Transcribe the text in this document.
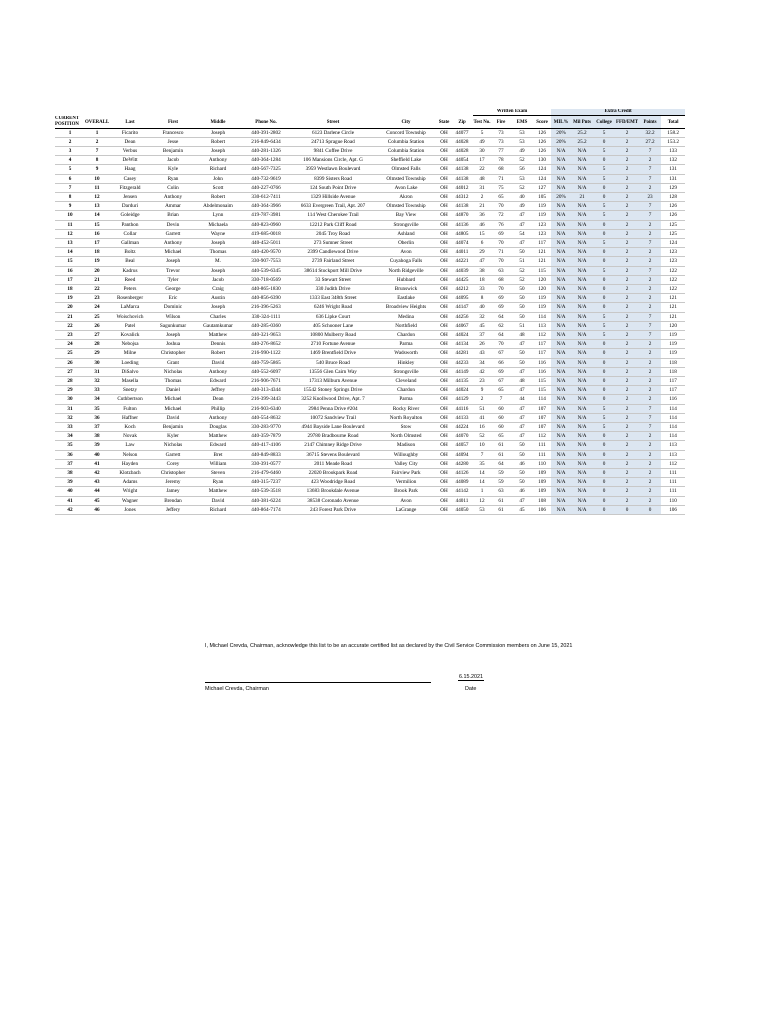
										Written Exam				Extra Credit					
CURRENT POSITION	OVERALL	Last	First	Middle	Phone No.	Street	City	State	Zip	Test No.	Fire	EMS	Score	MIL%	Mil Pnts	College	FFD/EMT	Points	Total
1	1	Ficarito	Francesco	Joseph	440-391-2802	6123 Darlene Circle	Concord Township	OH	44077	5	73	53	126	20%	25.2	5	2	32.2	158.2
2	2	Dean	Jesse	Robert	216-849-6434	24713 Sprague Road	Columbia Station	OH	44028	49	73	53	126	20%	25.2	0	2	27.2	153.2
3	7	Verbus	Benjamin	Joseph	440-281-1326	9841 Coffee Drive	Columbia Station	OH	44028	30	77	49	126	N/A	N/A	5	2	7	133
4	8	DeWitt	Jacob	Anthony	440-364-1284	106 Mansions Circle, Apt. G	Sheffield Lake	OH	44054	17	78	52	130	N/A	N/A	0	2	2	132
5	9	Haag	Kyle	Richard	440-567-7325	3959 Westlawn Boulevard	Olmsted Falls	OH	44138	22	68	56	124	N/A	N/A	5	2	7	131
6	10	Casey	Ryan	John	440-732-9619	8399 Sisters Road	Olmsted Township	OH	44138	48	71	53	124	N/A	N/A	5	2	7	131
7	11	Fitzgerald	Colin	Scott	440-227-0766	124 South Point Drive	Avon Lake	OH	44012	31	75	52	127	N/A	N/A	0	2	2	129
8	12	Jensen	Anthony	Robert	330-612-7411	1329 Hillside Avenue	Akron	OH	44312	2	65	40	105	20%	21	0	2	23	128
9	13	Darduri	Ammar	Abdelmonaim	440-364-3966	6633 Evergreen Trail, Apt. 207	Olmsted Township	OH	44138	21	70	49	119	N/A	N/A	5	2	7	126
10	14	Goleidge	Brian	Lynn	419-787-3981	114 West Cherokee Trail	Bay View	OH	44870	36	72	47	119	N/A	N/A	5	2	7	126
11	15	Panthon	Devin	Michaela	440-823-0960	12212 Park Cliff Road	Strongsville	OH	44136	46	76	47	123	N/A	N/A	0	2	2	125
12	16	Collar	Garrett	Wayne	419-685-0018	2045 Troy Road	Ashland	OH	44805	15	69	54	123	N/A	N/A	0	2	2	125
13	17	Gallman	Anthony	Joseph	440-452-5011	273 Sumner Street	Oberlin	OH	44074	6	70	47	117	N/A	N/A	5	2	7	124
14	18	Boltz	Michael	Thomas	440-420-9570	2399 Candlewood Drive	Avon	OH	44011	29	71	50	121	N/A	N/A	0	2	2	123
15	19	Beal	Joseph	M.	330-907-7553	2739 Fairland Street	Cuyahoga Falls	OH	44221	47	70	51	121	N/A	N/A	0	2	2	123
16	20	Kadrus	Trevor	Joseph	440-539-6345	38614 Stockport Mill Drive	North Ridgeville	OH	44039	38	63	52	115	N/A	N/A	5	2	7	122
17	21	Reed	Tyler	Jacob	330-718-0569	33 Stewart Street	Hubbard	OH	44425	18	68	52	120	N/A	N/A	0	2	2	122
18	22	Peters	George	Craig	440-865-1830	330 Judith Drive	Brunswick	OH	44212	33	70	50	120	N/A	N/A	0	2	2	122
19	23	Rosenberger	Eric	Austin	440-856-6390	1333 East 348th Street	Eastlake	OH	44095	8	69	50	119	N/A	N/A	0	2	2	121
20	24	LaMarca	Dominic	Joseph	216-396-5263	6246 Wright Road	Broadview Heights	OH	44147	40	69	50	119	N/A	N/A	0	2	2	121
21	25	Woischovich	Wilson	Charles	330-324-1111	636 Lipke Court	Medina	OH	44256	32	64	50	114	N/A	N/A	5	2	7	121
22	26	Patel	Sagunkumar	Gautamkumar	440-285-0360	405 Schooner Lane	Northfield	OH	44067	45	62	51	113	N/A	N/A	5	2	7	120
23	27	Kovalick	Joseph	Matthew	440-321-9653	10800 Mulberry Road	Chardon	OH	44024	37	64	48	112	N/A	N/A	5	2	7	119
24	28	Nebojsa	Joshua	Dennis	440-276-8652	2710 Fortune Avenue	Parma	OH	44134	26	70	47	117	N/A	N/A	0	2	2	119
25	29	Milne	Christopher	Robert	216-990-1122	1469 Brentfield Drive	Wadsworth	OH	44281	43	67	50	117	N/A	N/A	0	2	2	119
26	30	Loeding	Grant	David	440-759-5865	540 Bruce Road	Hinkley	OH	44233	34	66	50	116	N/A	N/A	0	2	2	118
27	31	DiSalvo	Nicholas	Anthony	440-552-6097	13556 Glen Cairn Way	Strongsville	OH	44149	42	69	47	116	N/A	N/A	0	2	2	118
28	32	Masella	Thomas	Edward	216-906-7671	17313 Milburn Avenue	Cleveland	OH	44135	23	67	48	115	N/A	N/A	0	2	2	117
29	33	Snetzy	Daniel	Jeffrey	440-313-4344	15542 Stoney Springs Drive	Chardon	OH	44024	9	65	47	115	N/A	N/A	0	2	2	117
30	34	Cuthbertson	Michael	Dean	216-399-3443	3252 Knollwood Drive, Apt. 7	Parma	OH	44129	2	7	44	114	N/A	N/A	0	2	2	116
31	35	Fulton	Michael	Phillip	216-903-6340	2984 Penna Drive #204	Rocky River	OH	44116	51	60	47	107	N/A	N/A	5	2	7	114
32	36	Haffner	David	Anthony	440-554-8632	10072 Sandview Trail	North Royalton	OH	44133	41	60	47	107	N/A	N/A	5	2	7	114
33	37	Koch	Benjamin	Douglas	330-283-9770	4944 Bayside Lane Boulevard	Stow	OH	44224	16	60	47	107	N/A	N/A	5	2	7	114
34	38	Novak	Kyler	Matthew	440-359-7879	29780 Bradbourne Road	North Olmsted	OH	44070	52	65	47	112	N/A	N/A	0	2	2	114
35	39	Law	Nicholas	Edward	440-417-4106	2147 Chimney Ridge Drive	Madison	OH	44057	10	61	50	111	N/A	N/A	0	2	2	113
36	40	Nelson	Garrett	Bret	440-849-8833	36715 Stevens Boulevard	Willoughby	OH	44094	7	61	50	111	N/A	N/A	0	2	2	113
37	41	Hayden	Corey	William	330-391-0577	2011 Meade Road	Valley City	OH	44280	35	64	46	110	N/A	N/A	0	2	2	112
38	42	Klotzbach	Christopher	Steven	216-479-6460	22020 Brookpark Road	Fairview Park	OH	44126	14	59	50	109	N/A	N/A	0	2	2	111
39	43	Adams	Jeremy	Ryan	440-315-7237	423 Woodridge Road	Vermilion	OH	44089	14	59	50	109	N/A	N/A	0	2	2	111
40	44	Wright	Jamey	Matthew	440-539-3518	13683 Brookdale Avenue	Brook Park	OH	44142	1	63	46	109	N/A	N/A	0	2	2	111
41	45	Wagner	Brendan	David	440-381-6224	38538 Coronado Avenue	Avon	OH	44011	12	61	47	108	N/A	N/A	0	2	2	110
42	46	Jones	Jeffery	Richard	440-864-7174	243 Forest Park Drive	LaGrange	OH	44050	53	61	45	106	N/A	N/A	0	0	0	106
I, Michael Crevda, Chairman, acknowledge this list to be an accurate certified list as declared by the Civil Service Commission members on June 15, 2021
Michael Crevda, Chairman
6.15.2021
Date
